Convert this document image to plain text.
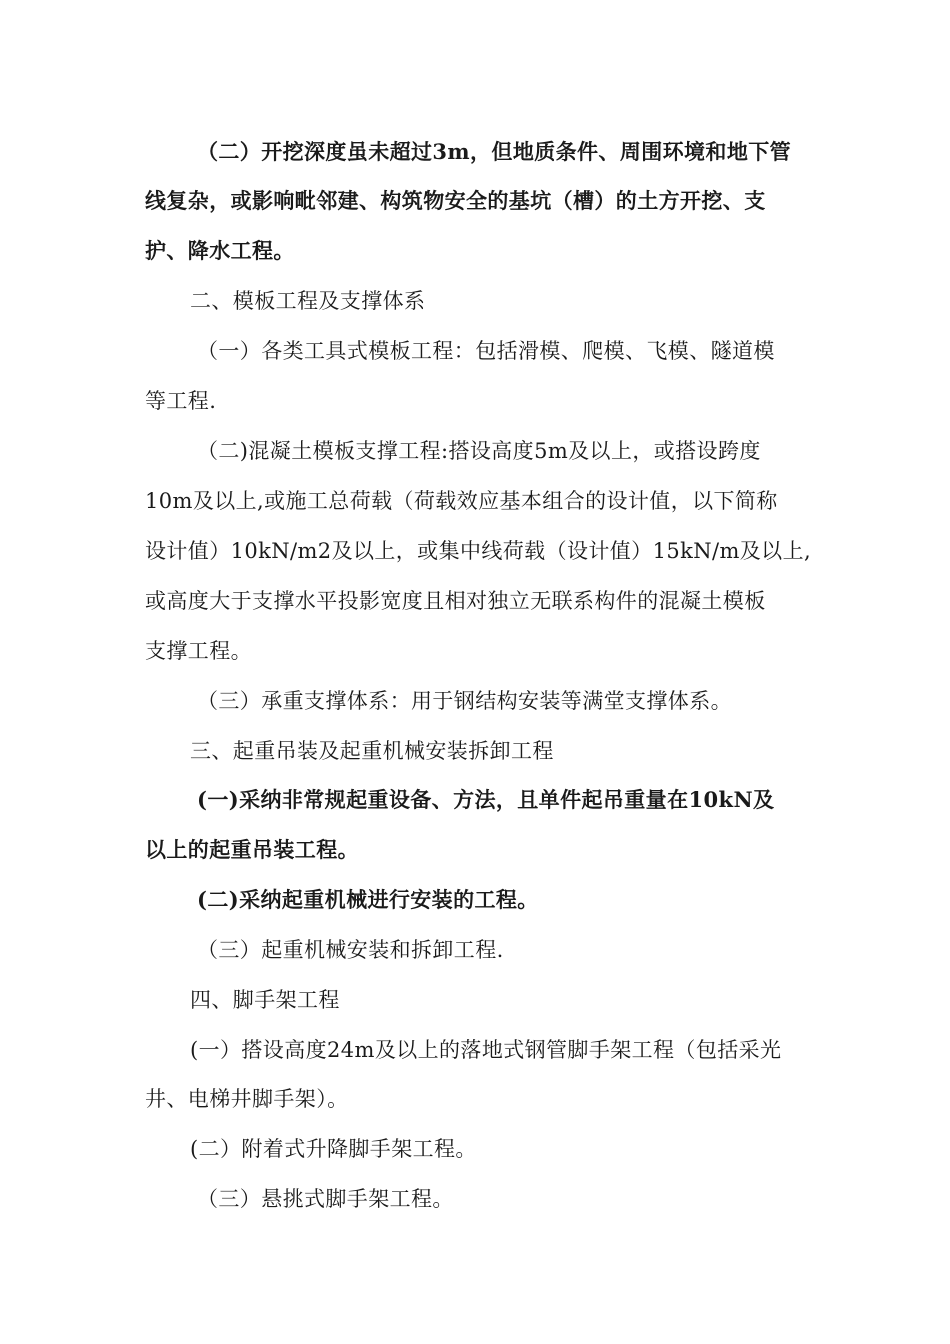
（二）开挖深度虽未超过3m，但地质条件、周围环境和地下管
线复杂，或影响毗邻建、构筑物安全的基坑（槽）的土方开挖、支
护、降水工程。
二、模板工程及支撑体系
（一）各类工具式模板工程：包括滑模、爬模、飞模、隧道模
等工程.
（二)混凝土模板支撑工程:搭设高度5m及以上，或搭设跨度
10m及以上,或施工总荷载（荷载效应基本组合的设计值，以下简称
设计值）10kN/m2及以上，或集中线荷载（设计值）15kN/m及以上,
或高度大于支撑水平投影宽度且相对独立无联系构件的混凝土模板
支撑工程。
（三）承重支撑体系：用于钢结构安装等满堂支撑体系。
三、起重吊装及起重机械安装拆卸工程
(一)采纳非常规起重设备、方法，且单件起吊重量在10kN及
以上的起重吊装工程。
(二)采纳起重机械进行安装的工程。
（三）起重机械安装和拆卸工程.
四、脚手架工程
(一）搭设高度24m及以上的落地式钢管脚手架工程（包括采光
井、电梯井脚手架）。
(二）附着式升降脚手架工程。
（三）悬挑式脚手架工程。
